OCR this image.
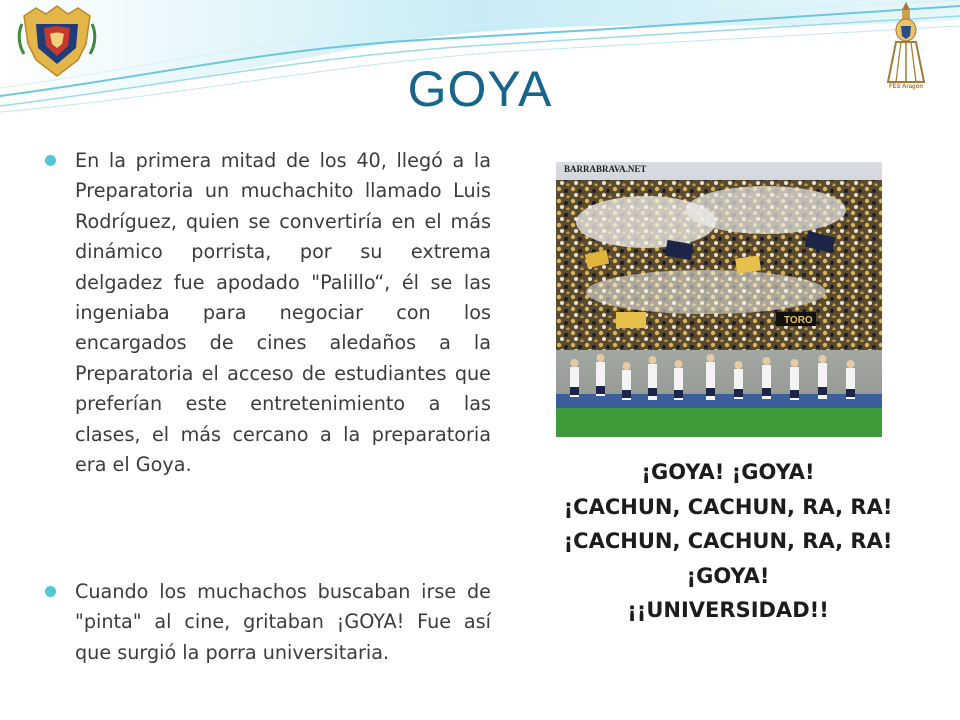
FES Aragón
GOYA
En la primera mitad de los 40, llegó a la Preparatoria un muchachito llamado Luis Rodríguez, quien se convertiría en el más dinámico porrista, por su extrema delgadez fue apodado "Palillo“, él se las ingeniaba para negociar con los encargados de cines aledaños a la Preparatoria el acceso de estudiantes que preferían este entretenimiento a las clases, el más cercano a la preparatoria era el Goya.
Cuando los muchachos buscaban irse de "pinta" al cine, gritaban ¡GOYA! Fue así que surgió la porra universitaria.
TORO
BARRABRAVA.NET
¡GOYA! ¡GOYA!
¡CACHUN, CACHUN, RA, RA!
¡CACHUN, CACHUN, RA, RA!
¡GOYA!
¡¡UNIVERSIDAD!!
